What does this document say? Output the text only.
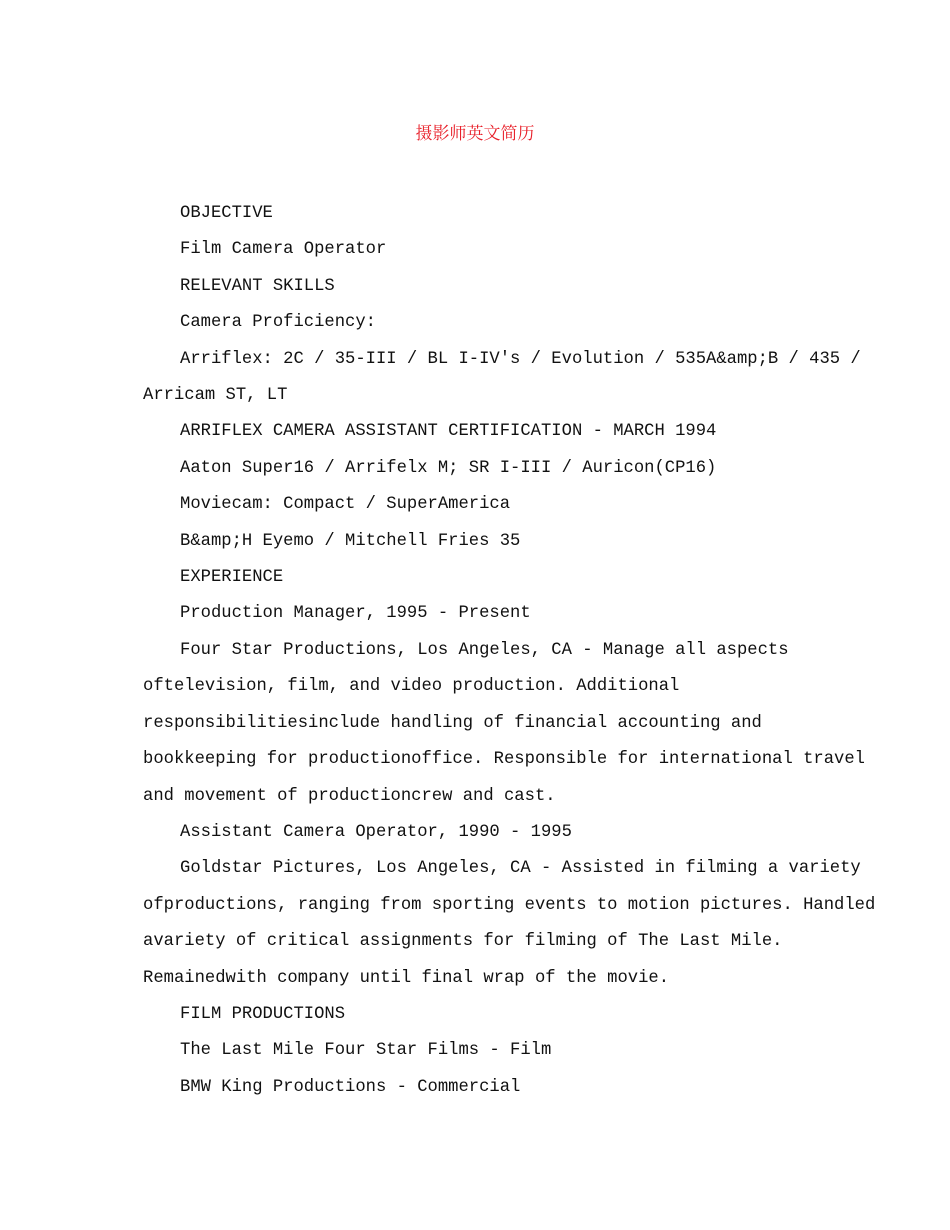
摄影师英文简历

OBJECTIVE

Film Camera Operator

RELEVANT SKILLS

Camera Proficiency:

Arriflex: 2C / 35-III / BL I-IV's / Evolution / 535A&amp;B / 435 /
Arricam ST, LT

ARRIFLEX CAMERA ASSISTANT CERTIFICATION - MARCH 1994

Aaton Super16 / Arrifelx M; SR I-III / Auricon(CP16)

Moviecam: Compact / SuperAmerica

B&amp;H Eyemo / Mitchell Fries 35

EXPERIENCE

Production Manager, 1995 - Present

Four Star Productions, Los Angeles, CA - Manage all aspects
oftelevision, film, and video production. Additional
responsibilitiesinclude handling of financial accounting and
bookkeeping for productionoffice. Responsible for international travel
and movement of productioncrew and cast.

Assistant Camera Operator, 1990 - 1995

Goldstar Pictures, Los Angeles, CA - Assisted in filming a variety
ofproductions, ranging from sporting events to motion pictures. Handled
avariety of critical assignments for filming of The Last Mile.
Remainedwith company until final wrap of the movie.

FILM PRODUCTIONS

The Last Mile Four Star Films - Film

BMW King Productions - Commercial
